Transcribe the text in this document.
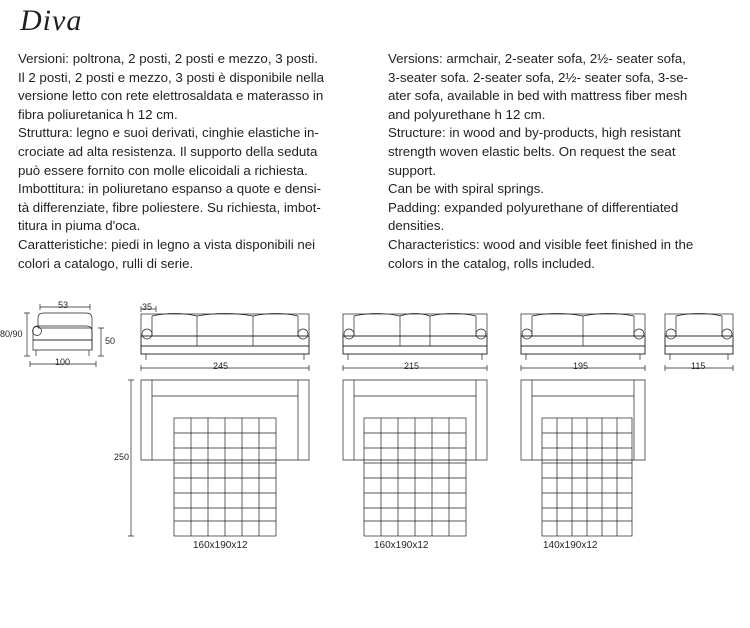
Diva

Versioni: poltrona, 2 posti, 2 posti e mezzo, 3 posti.

Il 2 posti, 2 posti e mezzo, 3 posti è disponibile nella

versione letto con rete elettrosaldata e materasso in

fibra poliuretanica h 12 cm.

Struttura: legno e suoi derivati, cinghie elastiche in-

crociate ad alta resistenza. Il supporto della seduta

può essere fornito con molle elicoidali a richiesta.

Imbottitura: in poliuretano espanso a quote e densi-

tà differenziate, fibre poliestere. Su richiesta, imbot-

titura in piuma d'oca.

Caratteristiche: piedi in legno a vista disponibili nei

colori a catalogo, rulli di serie.

Versions: armchair, 2-seater sofa, 2½- seater sofa,

3-seater sofa. 2-seater sofa, 2½- seater sofa, 3-se-

ater sofa, available in bed with mattress fiber mesh

and polyurethane h 12 cm.

Structure: in wood and by-products, high resistant

strength woven elastic belts. On request the seat

support.

Can be with spiral springs.

Padding: expanded polyurethane of differentiated

densities.

Characteristics: wood and visible feet finished in the

colors in the catalog, rolls included.

53
80/90
50
100
35
245	215	195	115
250
160x190x12	160x190x12	140x190x12
